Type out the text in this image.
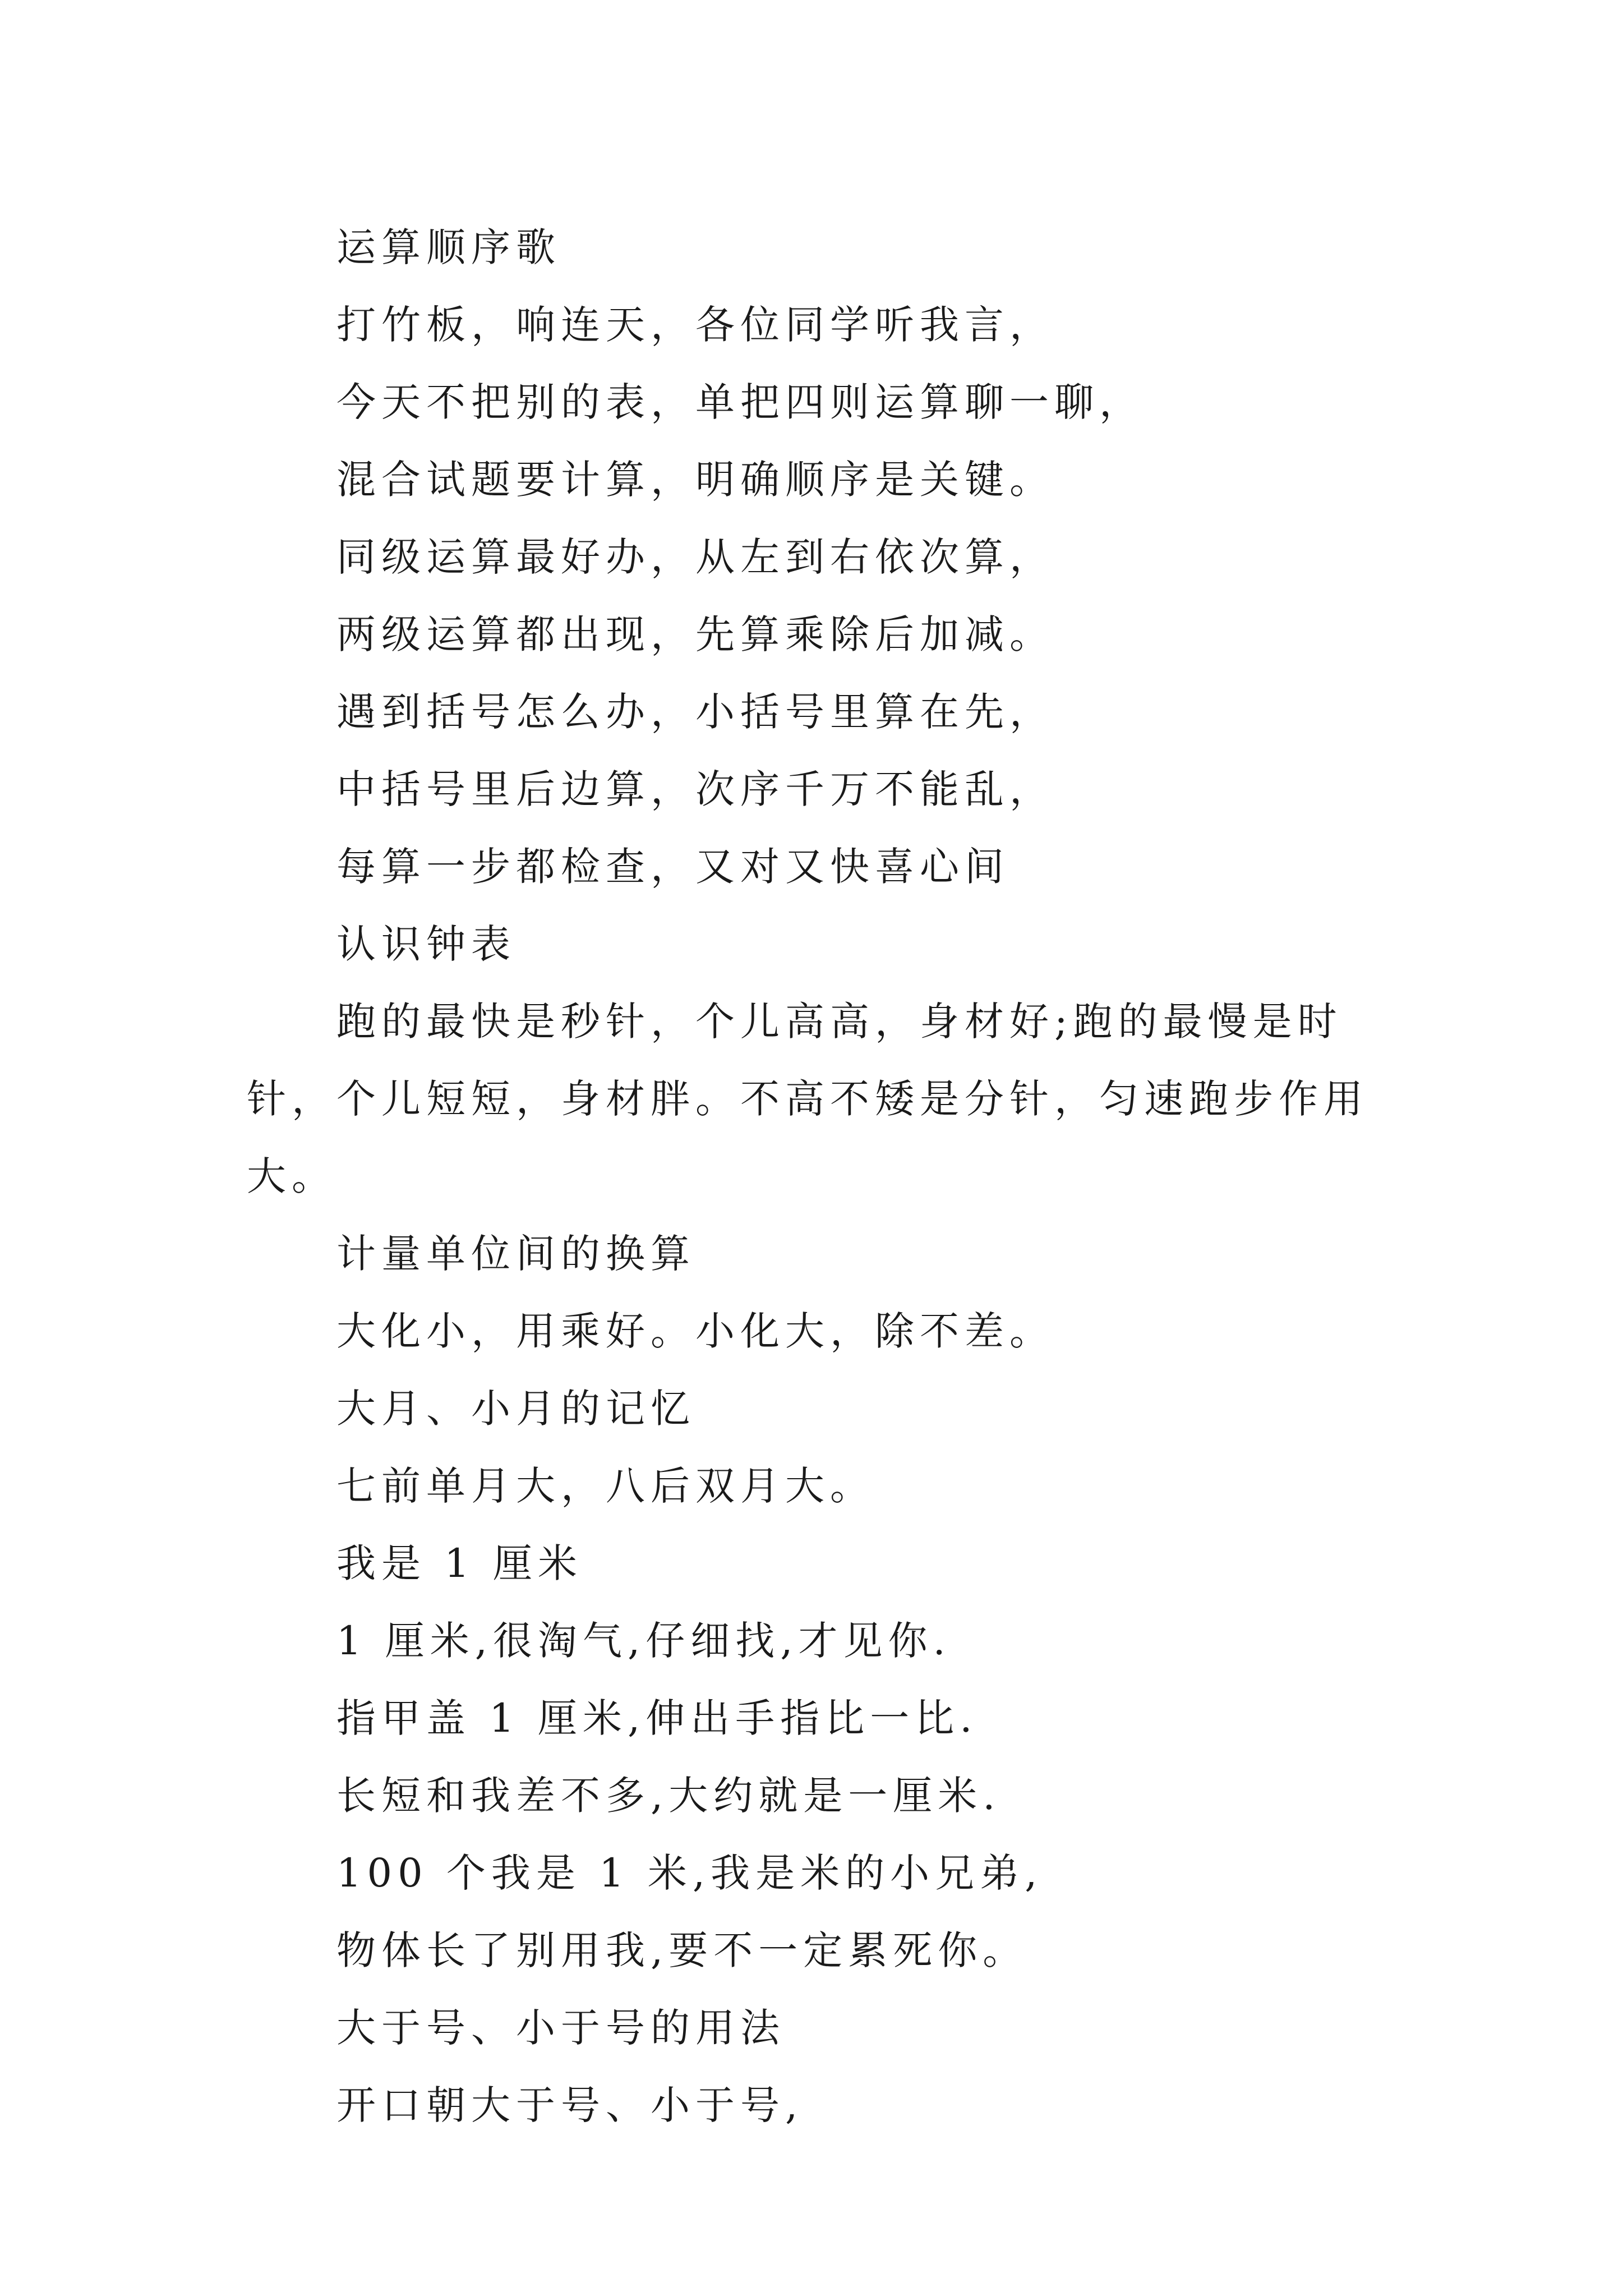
运算顺序歌

打竹板，响连天，各位同学听我言，

今天不把别的表，单把四则运算聊一聊，

混合试题要计算，明确顺序是关键。

同级运算最好办，从左到右依次算，

两级运算都出现，先算乘除后加减。

遇到括号怎么办，小括号里算在先，

中括号里后边算，次序千万不能乱，

每算一步都检查，又对又快喜心间

认识钟表

跑的最快是秒针，个儿高高，身材好;跑的最慢是时针，个儿短短，身材胖。不高不矮是分针，匀速跑步作用大。

计量单位间的换算

大化小，用乘好。小化大，除不差。

大月、小月的记忆

七前单月大，八后双月大。

我是 1 厘米

1 厘米,很淘气,仔细找,才见你.

指甲盖 1 厘米,伸出手指比一比.

长短和我差不多,大约就是一厘米.

100 个我是 1 米,我是米的小兄弟,

物体长了别用我,要不一定累死你。

大于号、小于号的用法

开口朝大于号、小于号,
